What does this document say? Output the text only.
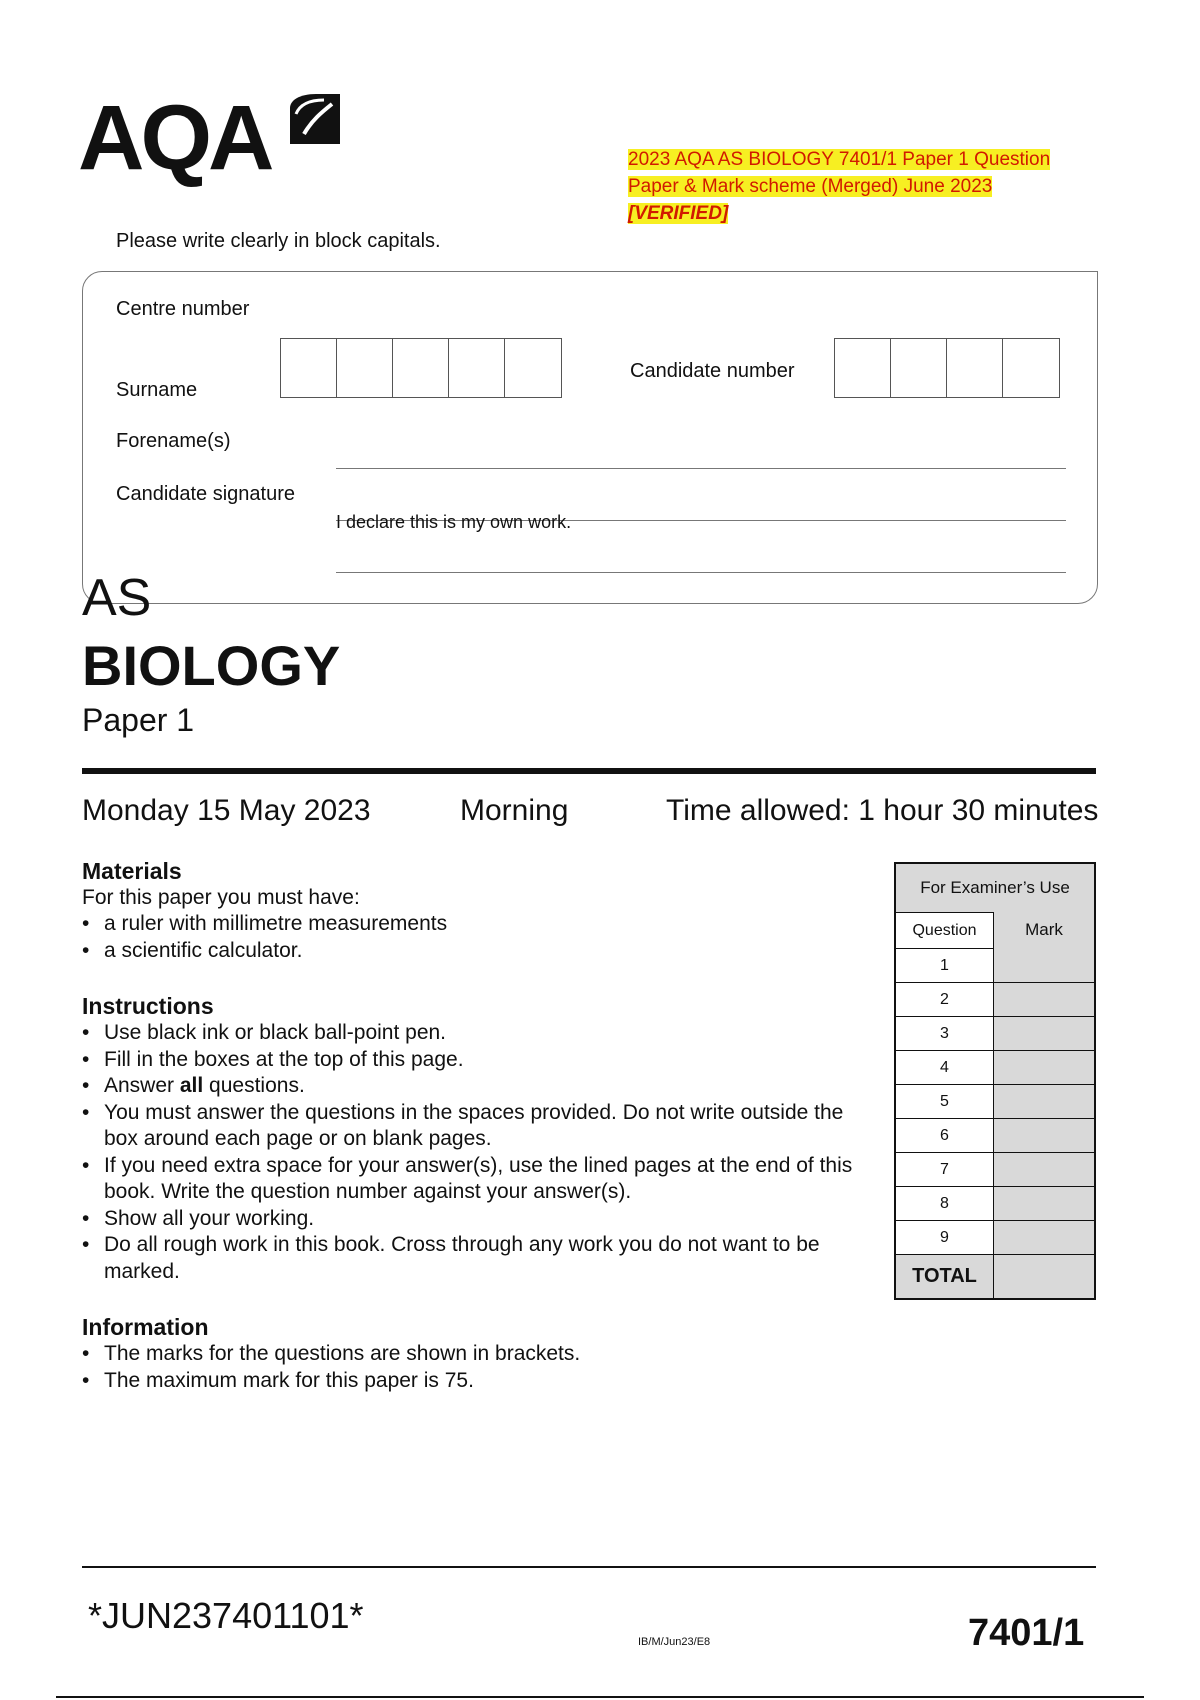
AQA	2023 AQA AS BIOLOGY 7401/1 Paper 1 Question
Paper & Mark scheme (Merged) June 2023
[VERIFIED]
Please write clearly in block capitals.
Centre number
Candidate number
Surname
Forename(s)
Candidate signature
I declare this is my own work.
AS
BIOLOGY
Paper 1
Monday 15 May 2023	Morning	Time allowed: 1 hour 30 minutes
Materials
For this paper you must have:
• a ruler with millimetre measurements
• a scientific calculator.
Instructions
• Use black ink or black ball-point pen.
• Fill in the boxes at the top of this page.
• Answer all questions.
• You must answer the questions in the spaces provided. Do not write outside the box around each page or on blank pages.
• If you need extra space for your answer(s), use the lined pages at the end of this book. Write the question number against your answer(s).
• Show all your working.
• Do all rough work in this book. Cross through any work you do not want to be marked.
Information
• The marks for the questions are shown in brackets.
• The maximum mark for this paper is 75.
For Examiner’s Use
Question	Mark
1
2
3
4
5
6
7
8
9
TOTAL
*JUN237401101*
IB/M/Jun23/E8	7401/1
